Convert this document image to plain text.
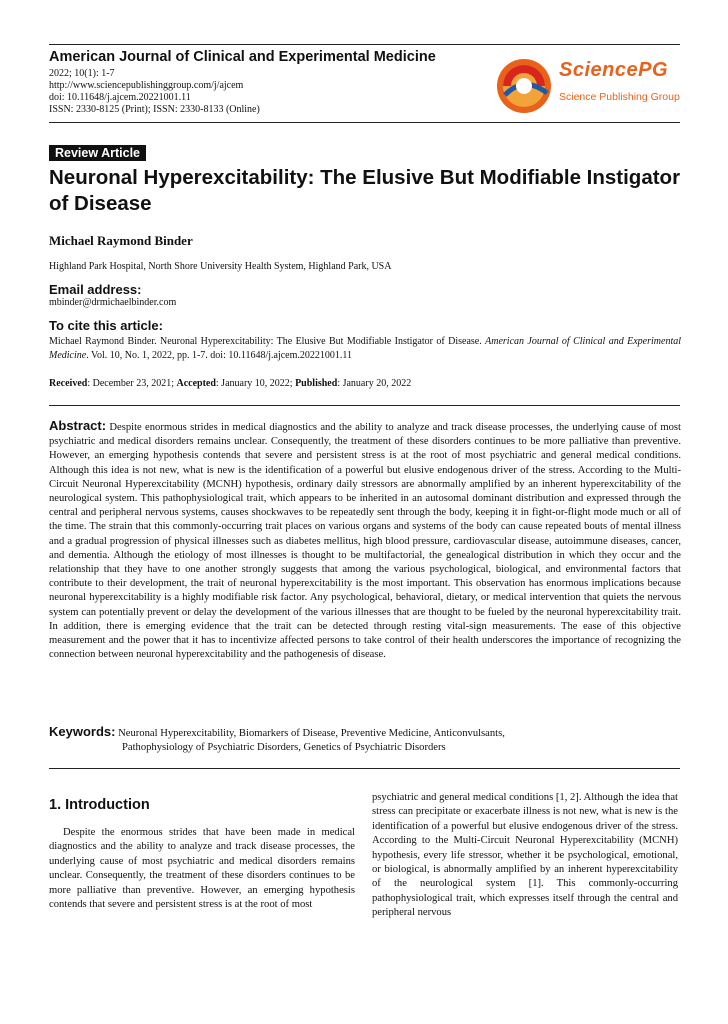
American Journal of Clinical and Experimental Medicine
2022; 10(1): 1-7
http://www.sciencepublishinggroup.com/j/ajcem
doi: 10.11648/j.ajcem.20221001.11
ISSN: 2330-8125 (Print); ISSN: 2330-8133 (Online)
SciencePG
Science Publishing Group
Review Article
Neuronal Hyperexcitability: The Elusive But Modifiable Instigator of Disease
Michael Raymond Binder
Highland Park Hospital, North Shore University Health System, Highland Park, USA
Email address:
mbinder@drmichaelbinder.com
To cite this article:
Michael Raymond Binder. Neuronal Hyperexcitability: The Elusive But Modifiable Instigator of Disease. American Journal of Clinical and Experimental Medicine. Vol. 10, No. 1, 2022, pp. 1-7. doi: 10.11648/j.ajcem.20221001.11
Received: December 23, 2021; Accepted: January 10, 2022; Published: January 20, 2022
Abstract: Despite enormous strides in medical diagnostics and the ability to analyze and track disease processes, the underlying cause of most psychiatric and medical disorders remains unclear. Consequently, the treatment of these disorders continues to be more palliative than preventive. However, an emerging hypothesis contends that severe and persistent stress is at the root of most psychiatric and general medical conditions. Although this idea is not new, what is new is the identification of a powerful but elusive endogenous driver of the stress. According to the Multi-Circuit Neuronal Hyperexcitability (MCNH) hypothesis, ordinary daily stressors are abnormally amplified by an inherent hyperexcitability of the neurological system. This pathophysiological trait, which appears to be inherited in an autosomal dominant distribution and expressed through the central and peripheral nervous systems, causes shockwaves to be repeatedly sent through the body, keeping it in fight-or-flight mode much or all of the time. The strain that this commonly-occurring trait places on various organs and systems of the body can cause repeated bouts of mental illness and a gradual progression of physical illnesses such as diabetes mellitus, high blood pressure, cardiovascular disease, autoimmune diseases, cancer, and dementia. Although the etiology of most illnesses is thought to be multifactorial, the genealogical distribution in which they occur and the relationship that they have to one another strongly suggests that among the various psychological, biological, and environmental factors that contribute to their development, the trait of neuronal hyperexcitability is the most important. This observation has enormous implications because neuronal hyperexcitability is a highly modifiable risk factor. Any psychological, behavioral, dietary, or medical intervention that quiets the nervous system can potentially prevent or delay the development of the various illnesses that are thought to be fueled by the neuronal hyperexcitability trait. In addition, there is emerging evidence that the trait can be detected through resting vital-sign measurements. The ease of this objective measurement and the power that it has to incentivize affected persons to take control of their health underscores the importance of recognizing the connection between neuronal hyperexcitability and the pathogenesis of disease.
Keywords: Neuronal Hyperexcitability, Biomarkers of Disease, Preventive Medicine, Anticonvulsants,
Pathophysiology of Psychiatric Disorders, Genetics of Psychiatric Disorders
1. Introduction
Despite the enormous strides that have been made in medical diagnostics and the ability to analyze and track disease processes, the underlying cause of most psychiatric and medical disorders remains unclear. Consequently, the treatment of these disorders continues to be more palliative than preventive. However, an emerging hypothesis contends that severe and persistent stress is at the root of most
psychiatric and general medical conditions [1, 2]. Although the idea that stress can precipitate or exacerbate illness is not new, what is new is the identification of a powerful but elusive endogenous driver of the stress. According to the Multi-Circuit Neuronal Hyperexcitability (MCNH) hypothesis, every life stressor, whether it be psychological, emotional, or biological, is abnormally amplified by an inherent hyperexcitability of the neurological system [1]. This commonly-occurring pathophysiological trait, which expresses itself through the central and peripheral nervous
